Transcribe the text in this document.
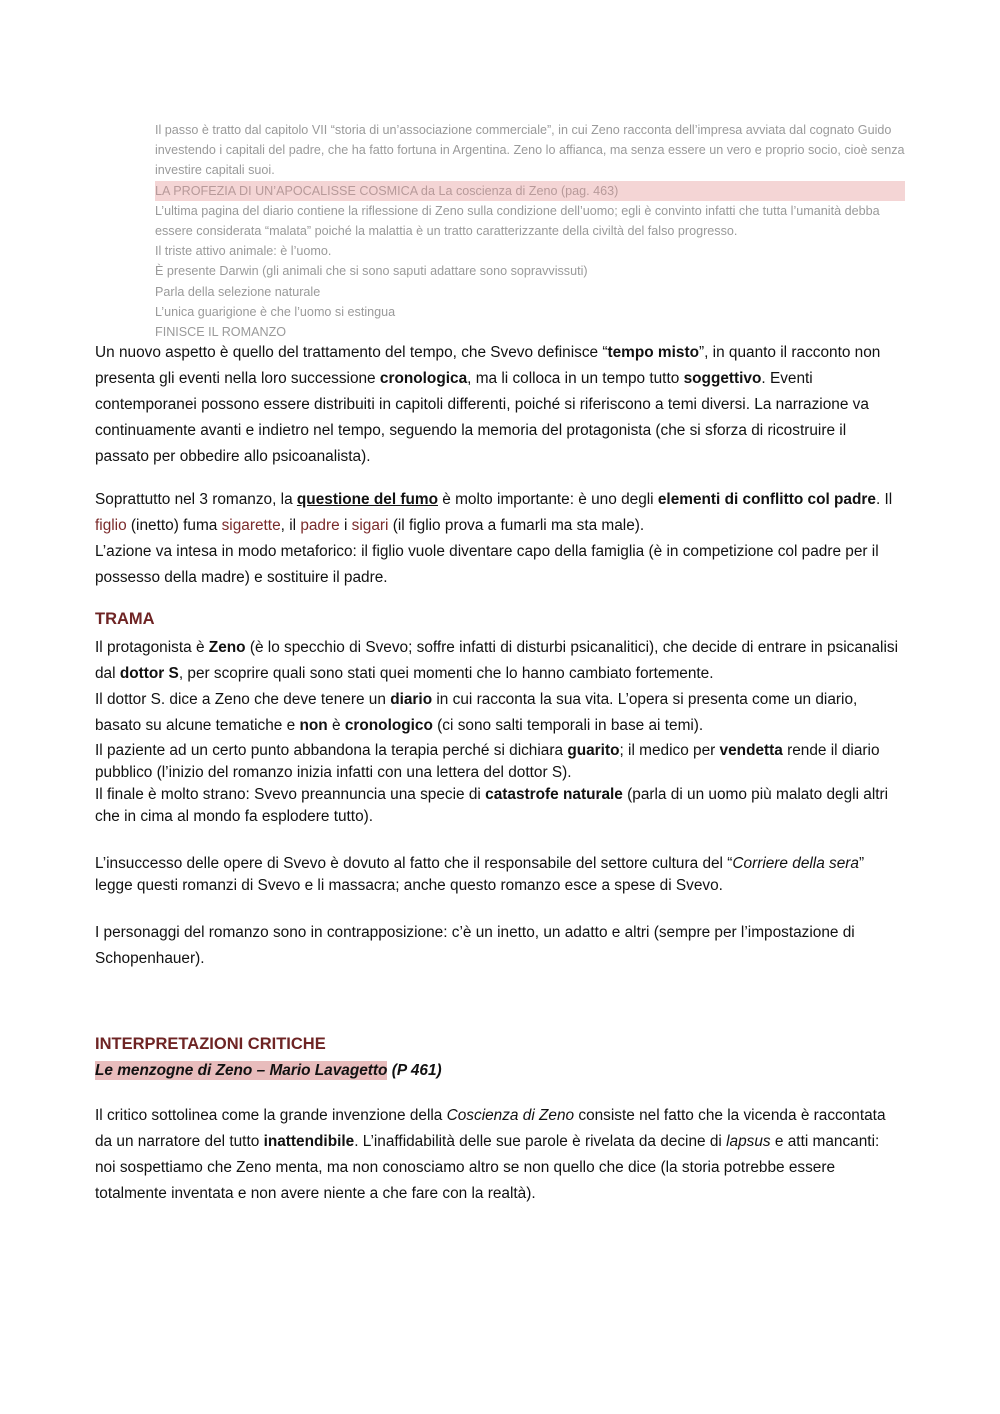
Il passo è tratto dal capitolo VII “storia di un’associazione commerciale”, in cui Zeno racconta dell’impresa avviata dal cognato Guido investendo i capitali del padre, che ha fatto fortuna in Argentina. Zeno lo affianca, ma senza essere un vero e proprio socio, cioè senza investire capitali suoi.

LA PROFEZIA DI UN’APOCALISSE COSMICA da La coscienza di Zeno (pag. 463)

L’ultima pagina del diario contiene la riflessione di Zeno sulla condizione dell’uomo; egli è convinto infatti che tutta l’umanità debba essere considerata “malata” poiché la malattia è un tratto caratterizzante della civiltà del falso progresso.

Il triste attivo animale: è l’uomo.

È presente Darwin (gli animali che si sono saputi adattare sono sopravvissuti)

Parla della selezione naturale

L’unica guarigione è che l’uomo si estingua

FINISCE IL ROMANZO

Un nuovo aspetto è quello del trattamento del tempo, che Svevo definisce “tempo misto”, in quanto il racconto non presenta gli eventi nella loro successione cronologica, ma li colloca in un tempo tutto soggettivo. Eventi contemporanei possono essere distribuiti in capitoli differenti, poiché si riferiscono a temi diversi. La narrazione va continuamente avanti e indietro nel tempo, seguendo la memoria del protagonista (che si sforza di ricostruire il passato per obbedire allo psicoanalista).

Soprattutto nel 3 romanzo, la questione del fumo è molto importante: è uno degli elementi di conflitto col padre. Il figlio (inetto) fuma sigarette, il padre i sigari (il figlio prova a fumarli ma sta male).

L’azione va intesa in modo metaforico: il figlio vuole diventare capo della famiglia (è in competizione col padre per il possesso della madre) e sostituire il padre.

TRAMA

Il protagonista è Zeno (è lo specchio di Svevo; soffre infatti di disturbi psicanalitici), che decide di entrare in psicanalisi dal dottor S, per scoprire quali sono stati quei momenti che lo hanno cambiato fortemente.

Il dottor S. dice a Zeno che deve tenere un diario in cui racconta la sua vita. L’opera si presenta come un diario, basato su alcune tematiche e non è cronologico (ci sono salti temporali in base ai temi).

Il paziente ad un certo punto abbandona la terapia perché si dichiara guarito; il medico per vendetta rende il diario pubblico (l’inizio del romanzo inizia infatti con una lettera del dottor S).

Il finale è molto strano: Svevo preannuncia una specie di catastrofe naturale (parla di un uomo più malato degli altri che in cima al mondo fa esplodere tutto).

L’insuccesso delle opere di Svevo è dovuto al fatto che il responsabile del settore cultura del “Corriere della sera” legge questi romanzi di Svevo e li massacra; anche questo romanzo esce a spese di Svevo.

I personaggi del romanzo sono in contrapposizione: c’è un inetto, un adatto e altri (sempre per l’impostazione di Schopenhauer).

INTERPRETAZIONI CRITICHE
Le menzogne di Zeno – Mario Lavagetto (P 461)

Il critico sottolinea come la grande invenzione della Coscienza di Zeno consiste nel fatto che la vicenda è raccontata da un narratore del tutto inattendibile. L’inaffidabilità delle sue parole è rivelata da decine di lapsus e atti mancanti: noi sospettiamo che Zeno menta, ma non conosciamo altro se non quello che dice (la storia potrebbe essere totalmente inventata e non avere niente a che fare con la realtà).
